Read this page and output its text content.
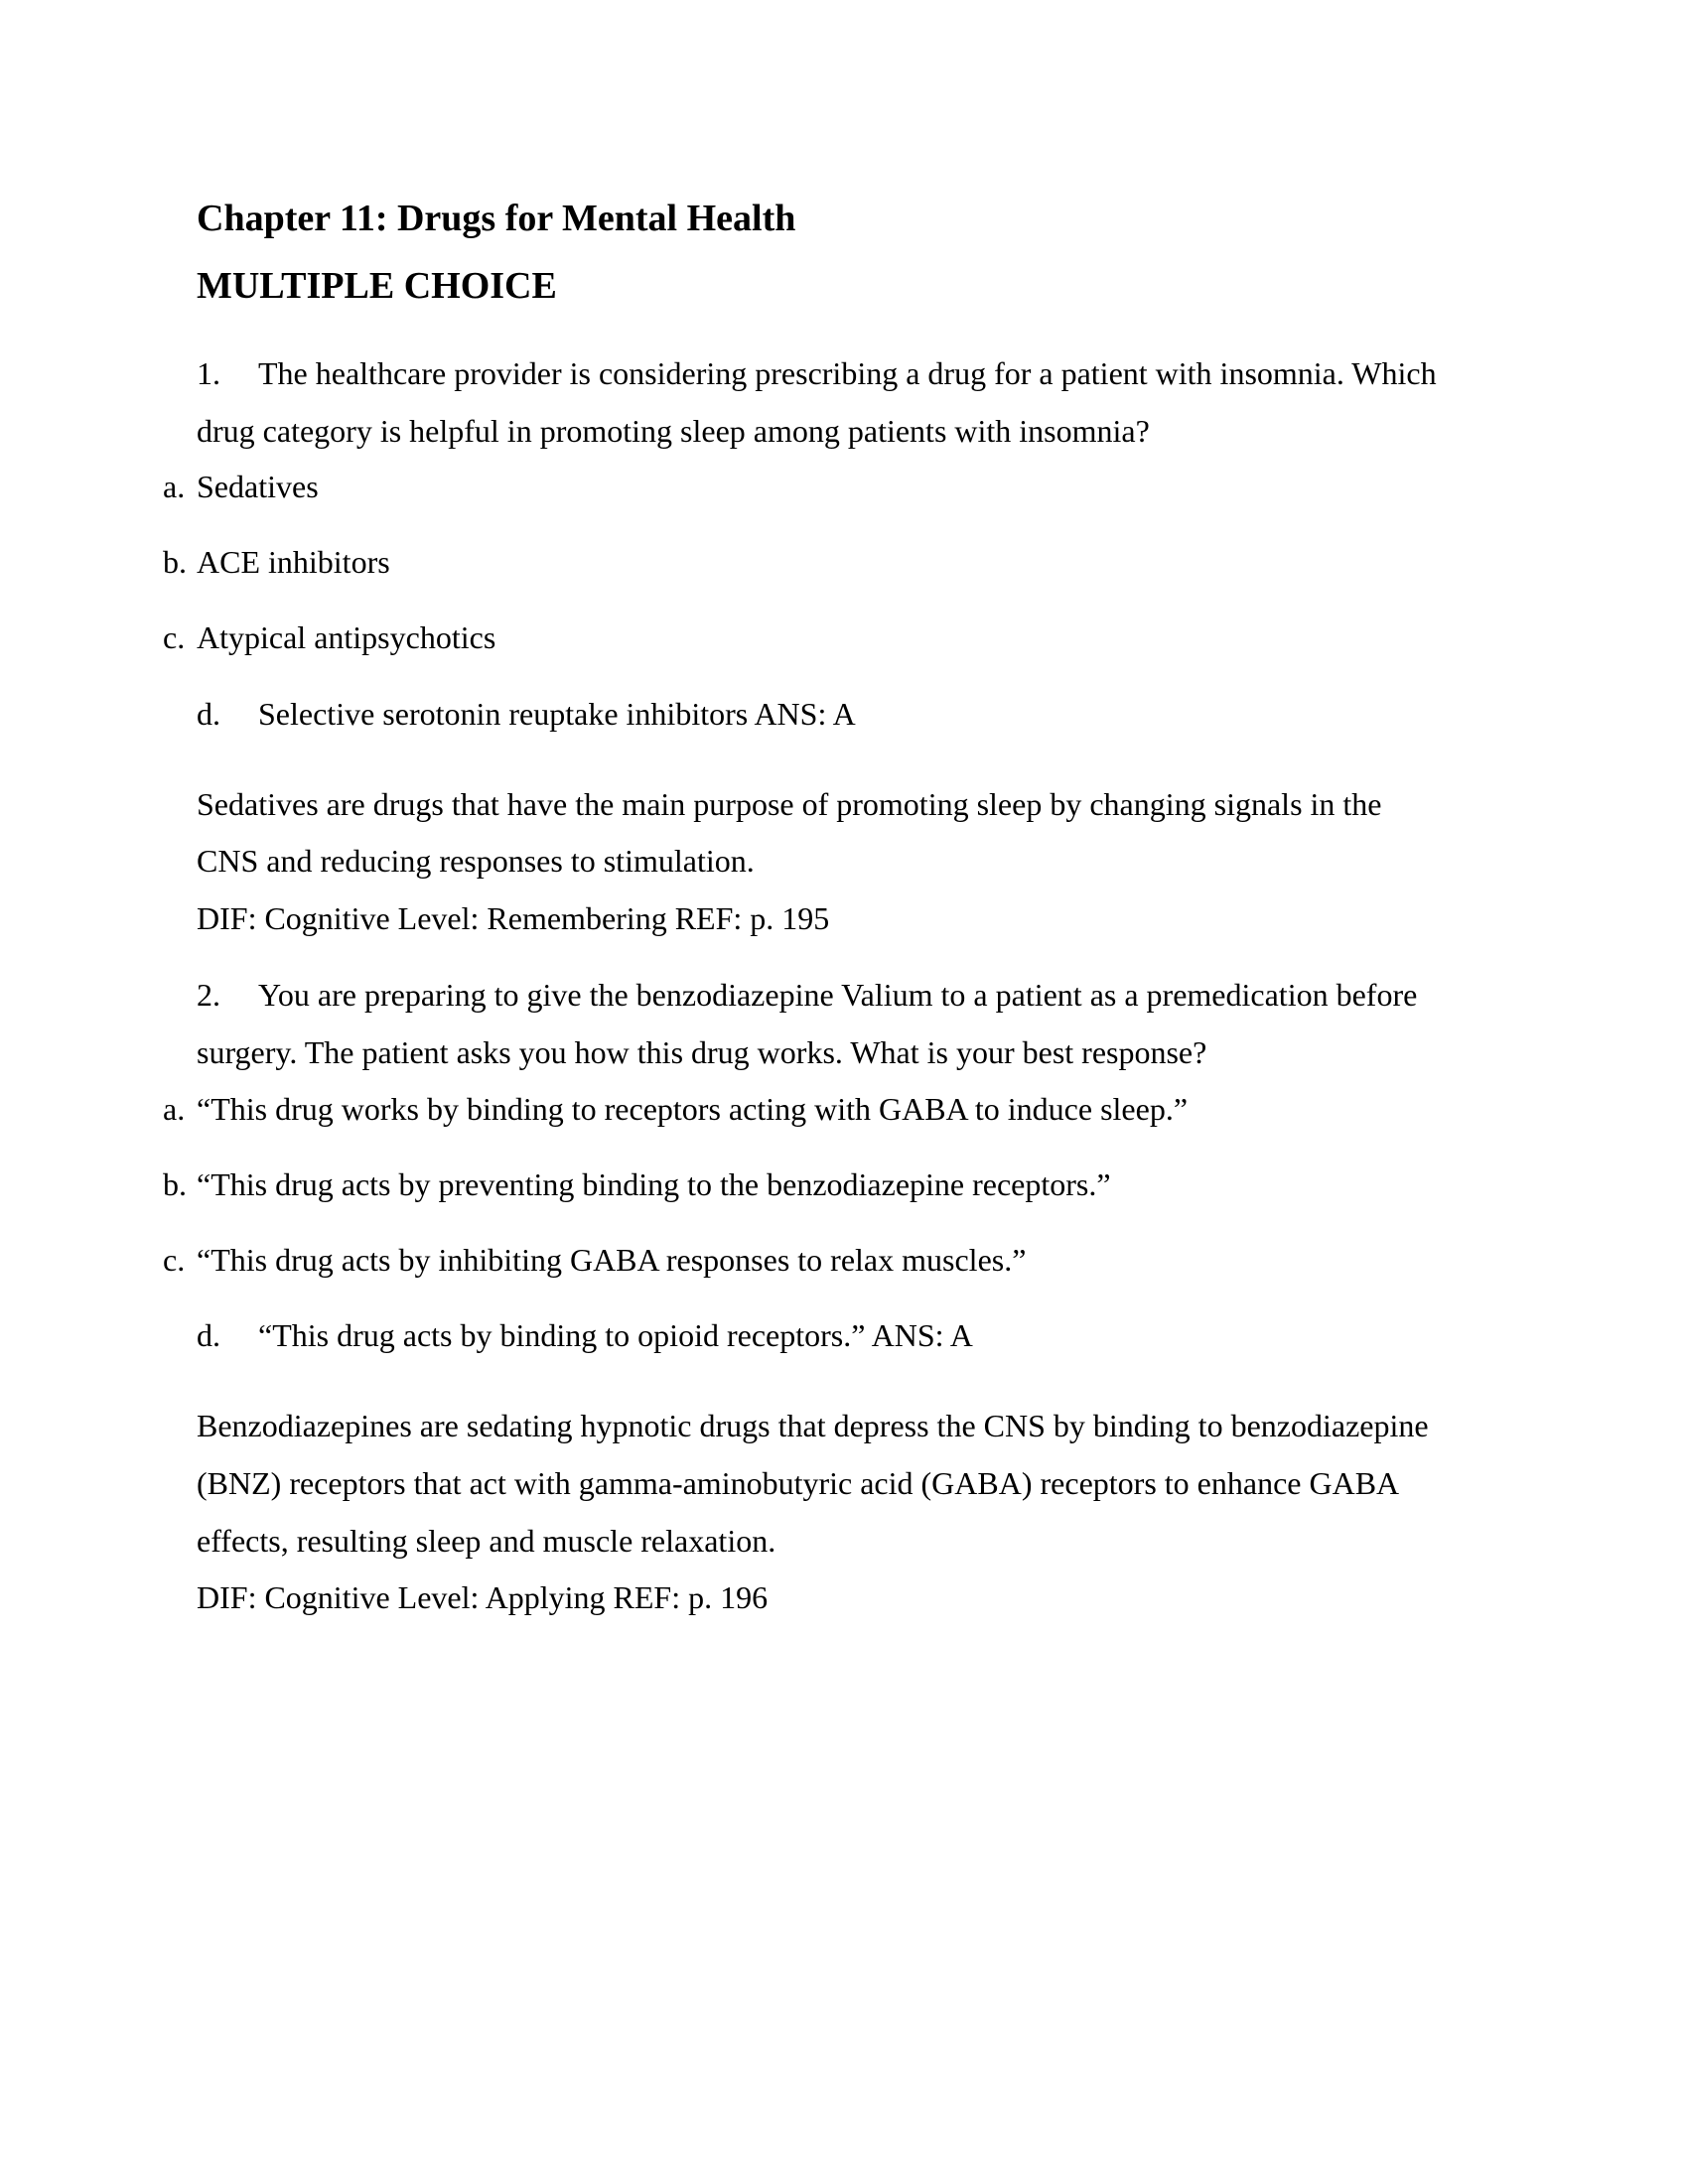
Chapter 11: Drugs for Mental Health
MULTIPLE CHOICE
1. The healthcare provider is considering prescribing a drug for a patient with insomnia. Which
drug category is helpful in promoting sleep among patients with insomnia?
a. Sedatives
b. ACE inhibitors
c. Atypical antipsychotics
d. Selective serotonin reuptake inhibitors ANS: A
Sedatives are drugs that have the main purpose of promoting sleep by changing signals in the
CNS and reducing responses to stimulation.
DIF: Cognitive Level: Remembering REF: p. 195
2. You are preparing to give the benzodiazepine Valium to a patient as a premedication before
surgery. The patient asks you how this drug works. What is your best response?
a. “This drug works by binding to receptors acting with GABA to induce sleep.”
b. “This drug acts by preventing binding to the benzodiazepine receptors.”
c. “This drug acts by inhibiting GABA responses to relax muscles.”
d. “This drug acts by binding to opioid receptors.” ANS: A
Benzodiazepines are sedating hypnotic drugs that depress the CNS by binding to benzodiazepine
(BNZ) receptors that act with gamma-aminobutyric acid (GABA) receptors to enhance GABA
effects, resulting sleep and muscle relaxation.
DIF: Cognitive Level: Applying REF: p. 196
